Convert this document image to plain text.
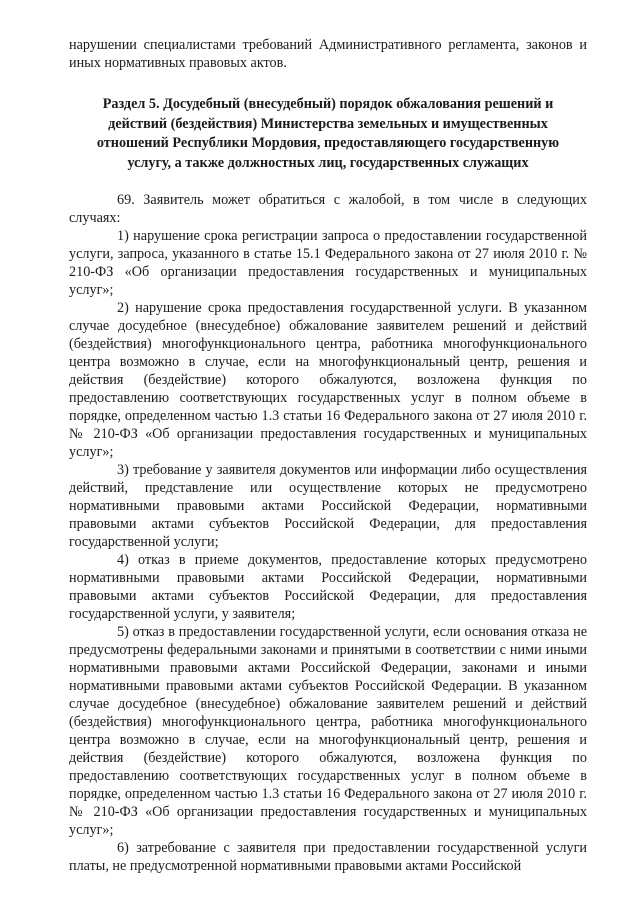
нарушении специалистами требований Административного регламента, законов и иных нормативных правовых актов.

Раздел 5. Досудебный (внесудебный) порядок обжалования решений и действий (бездействия) Министерства земельных и имущественных отношений Республики Мордовия, предоставляющего государственную услугу, а также должностных лиц, государственных служащих

69. Заявитель может обратиться с жалобой, в том числе в следующих случаях:

1) нарушение срока регистрации запроса о предоставлении государственной услуги, запроса, указанного в статье 15.1 Федерального закона от 27 июля 2010 г. № 210-ФЗ «Об организации предоставления государственных и муниципальных услуг»;

2) нарушение срока предоставления государственной услуги. В указанном случае досудебное (внесудебное) обжалование заявителем решений и действий (бездействия) многофункционального центра, работника многофункционального центра возможно в случае, если на многофункциональный центр, решения и действия (бездействие) которого обжалуются, возложена функция по предоставлению соответствующих государственных услуг в полном объеме в порядке, определенном частью 1.3 статьи 16 Федерального закона от 27 июля 2010 г. № 210-ФЗ «Об организации предоставления государственных и муниципальных услуг»;

3) требование у заявителя документов или информации либо осуществления действий, представление или осуществление которых не предусмотрено нормативными правовыми актами Российской Федерации, нормативными правовыми актами субъектов Российской Федерации, для предоставления государственной услуги;

4) отказ в приеме документов, предоставление которых предусмотрено нормативными правовыми актами Российской Федерации, нормативными правовыми актами субъектов Российской Федерации, для предоставления государственной услуги, у заявителя;

5) отказ в предоставлении государственной услуги, если основания отказа не предусмотрены федеральными законами и принятыми в соответствии с ними иными нормативными правовыми актами Российской Федерации, законами и иными нормативными правовыми актами субъектов Российской Федерации. В указанном случае досудебное (внесудебное) обжалование заявителем решений и действий (бездействия) многофункционального центра, работника многофункционального центра возможно в случае, если на многофункциональный центр, решения и действия (бездействие) которого обжалуются, возложена функция по предоставлению соответствующих государственных услуг в полном объеме в порядке, определенном частью 1.3 статьи 16 Федерального закона от 27 июля 2010 г. № 210-ФЗ «Об организации предоставления государственных и муниципальных услуг»;

6) затребование с заявителя при предоставлении государственной услуги платы, не предусмотренной нормативными правовыми актами Российской
